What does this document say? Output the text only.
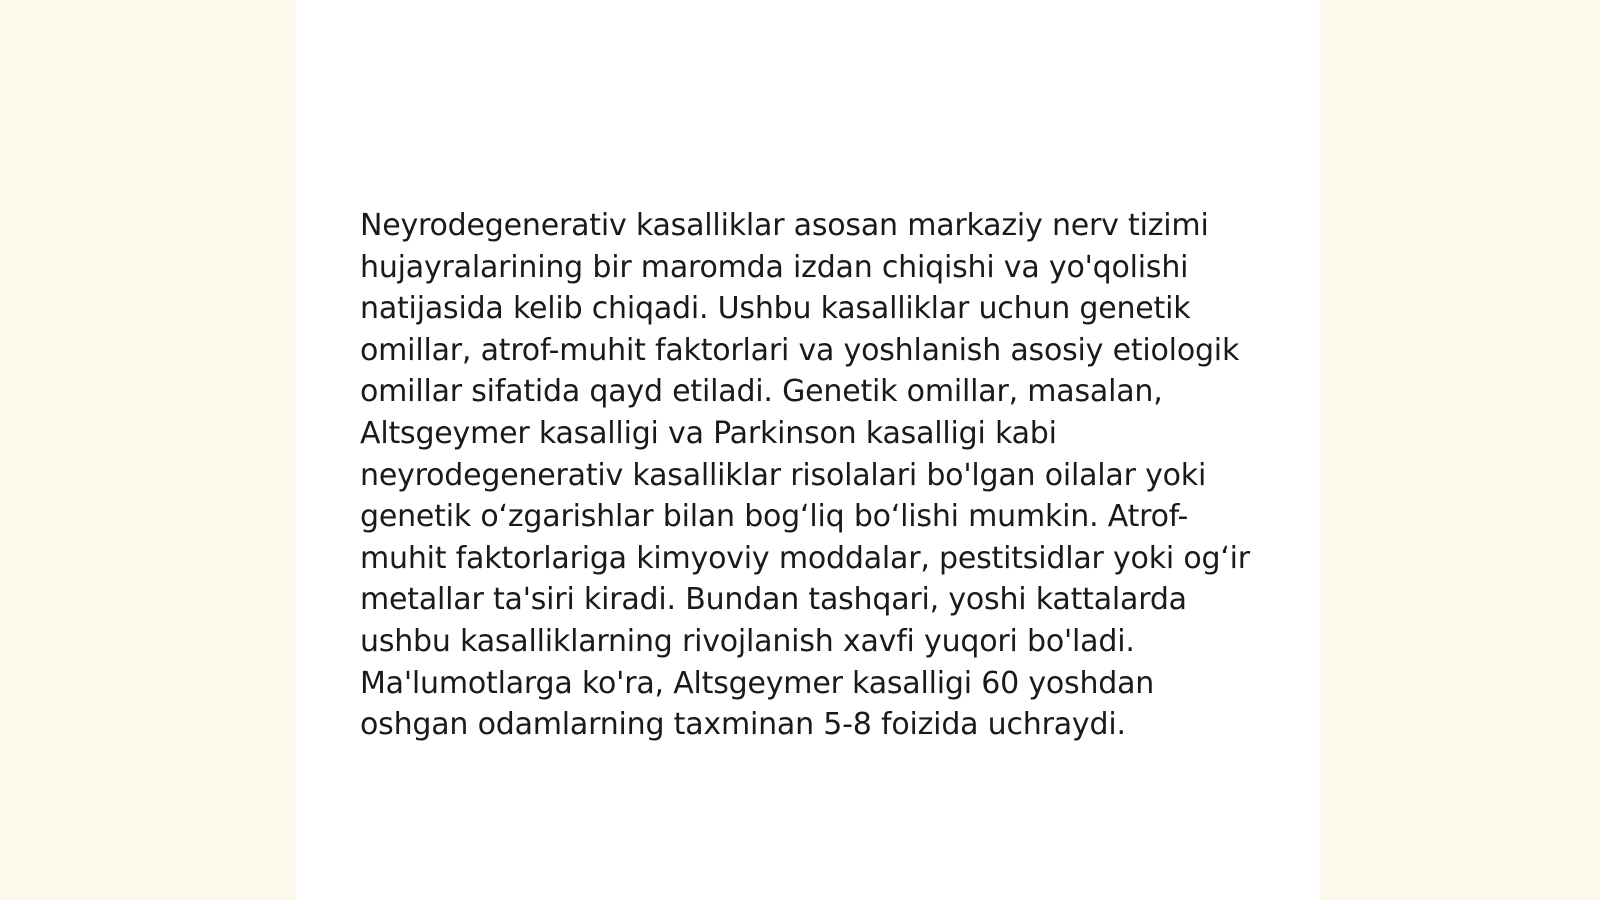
Neyrodegenerativ kasalliklar asosan markaziy nerv tizimi hujayralarining bir maromda izdan chiqishi va yo'qolishi natijasida kelib chiqadi. Ushbu kasalliklar uchun genetik omillar, atrof-muhit faktorlari va yoshlanish asosiy etiologik omillar sifatida qayd etiladi. Genetik omillar, masalan, Altsgeymer kasalligi va Parkinson kasalligi kabi neyrodegenerativ kasalliklar risolalari bo'lgan oilalar yoki genetik oʻzgarishlar bilan bogʻliq boʻlishi mumkin. Atrof-muhit faktorlariga kimyoviy moddalar, pestitsidlar yoki ogʻir metallar ta'siri kiradi. Bundan tashqari, yoshi kattalarda ushbu kasalliklarning rivojlanish xavfi yuqori bo'ladi. Ma'lumotlarga ko'ra, Altsgeymer kasalligi 60 yoshdan oshgan odamlarning taxminan 5-8 foizida uchraydi.
